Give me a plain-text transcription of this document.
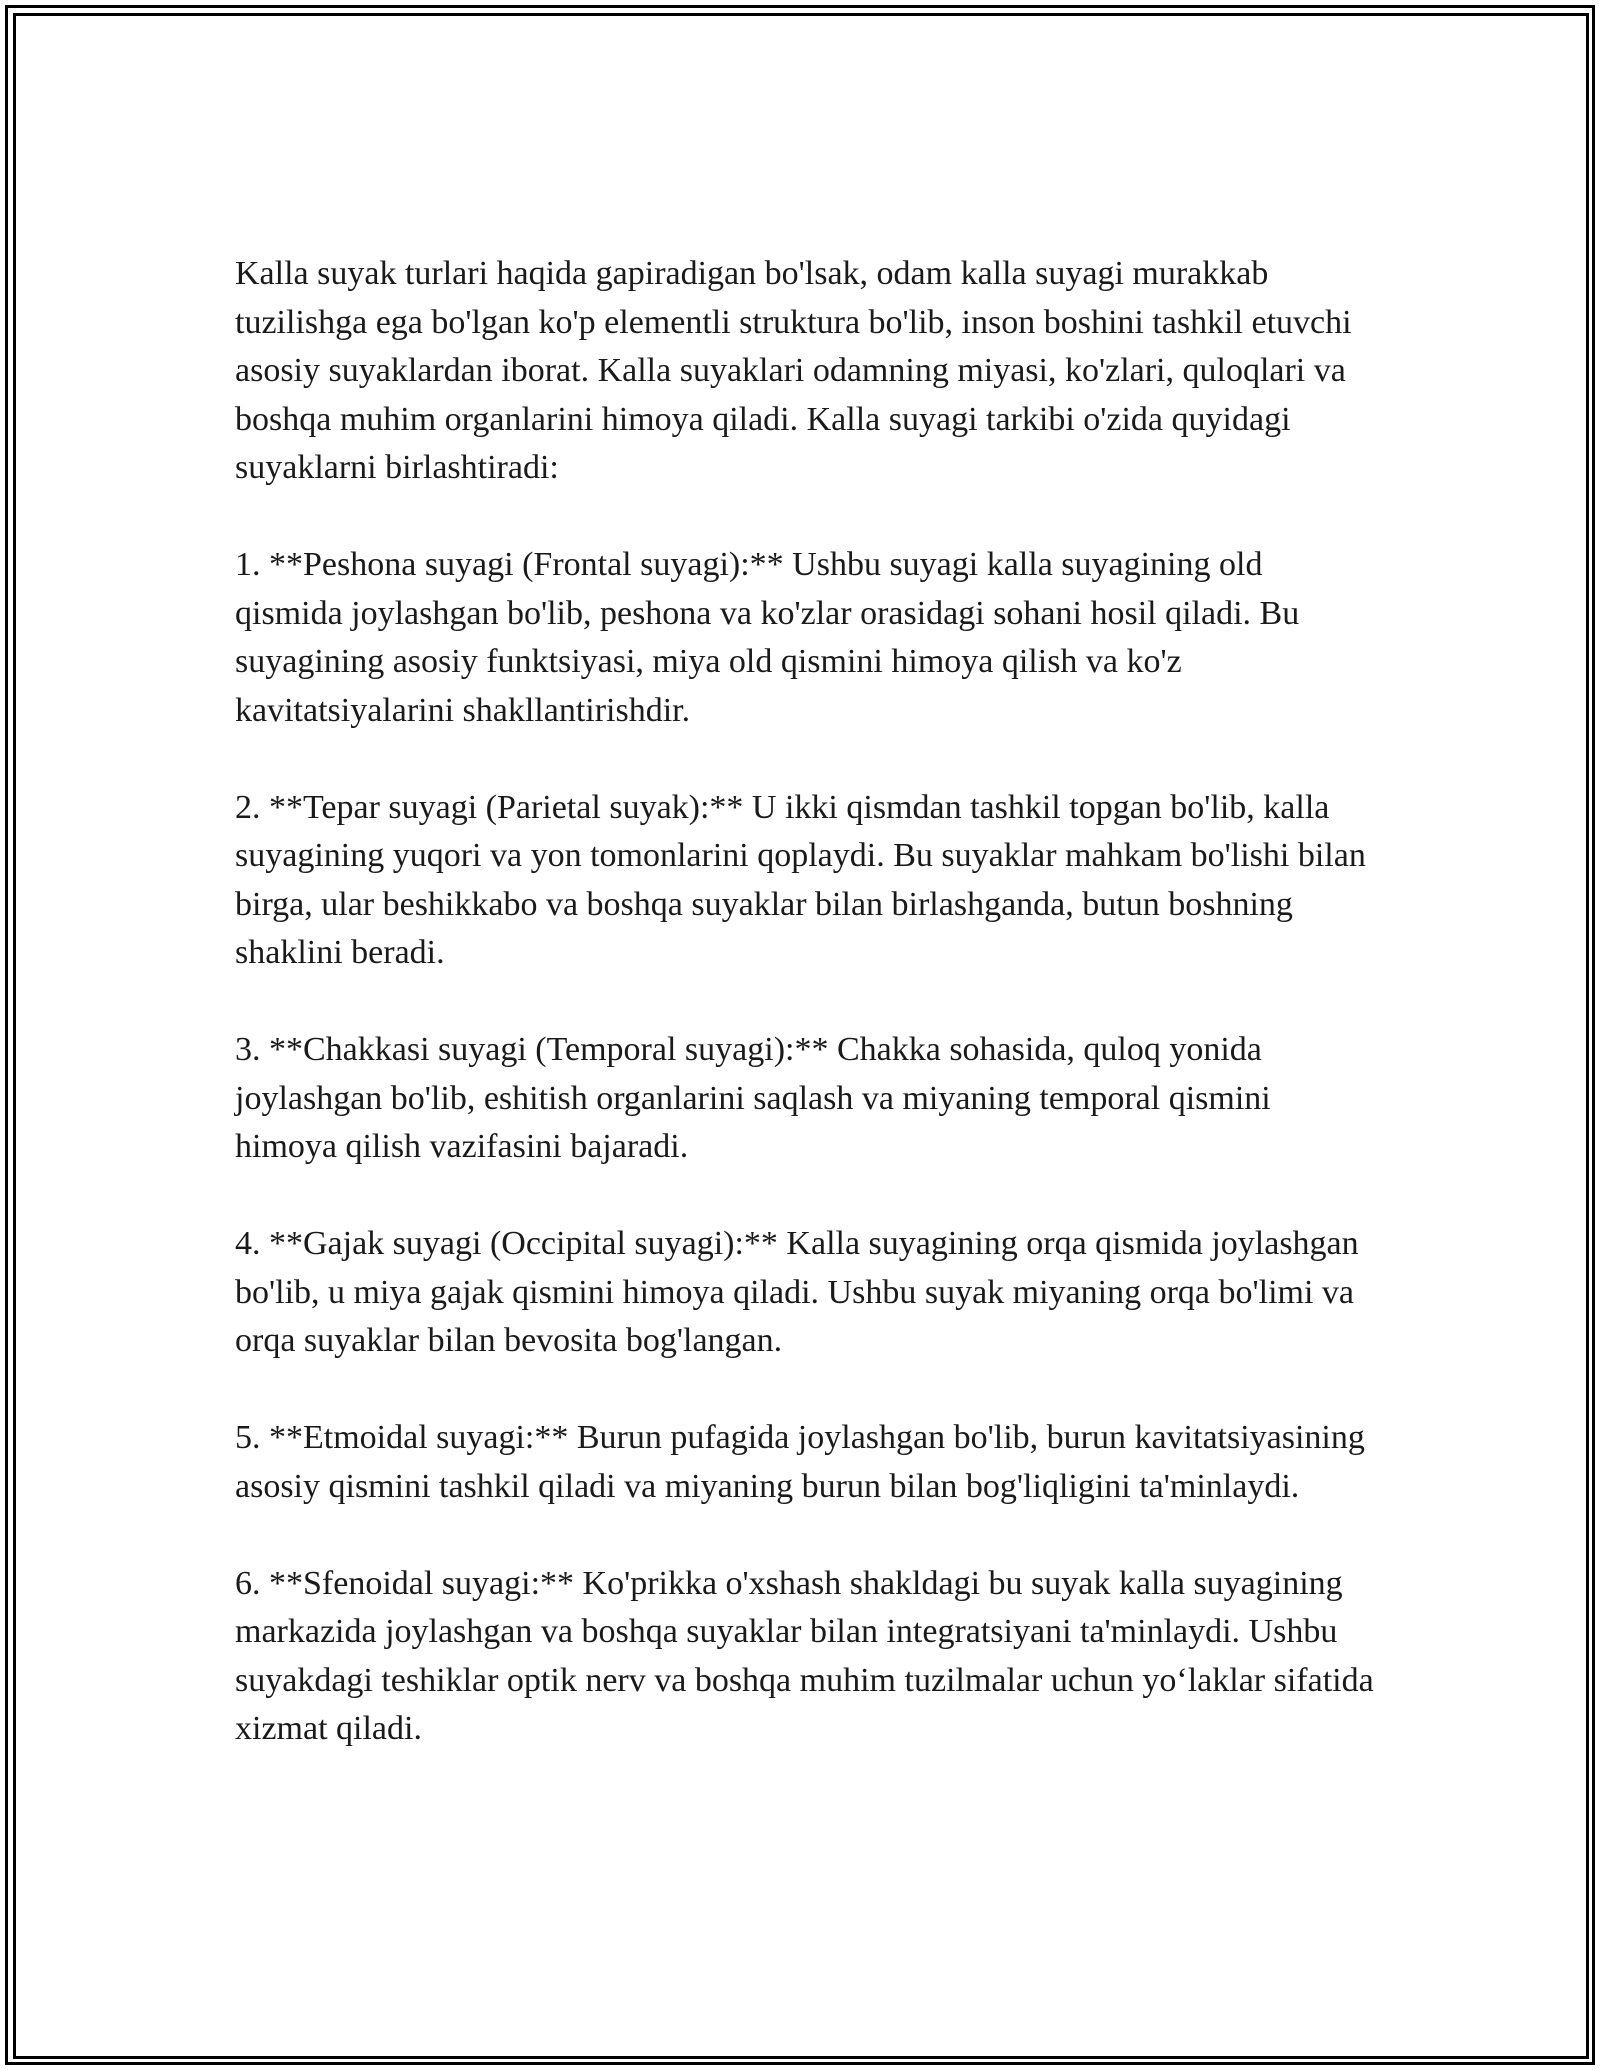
Kalla suyak turlari haqida gapiradigan bo'lsak, odam kalla suyagi murakkab tuzilishga ega bo'lgan ko'p elementli struktura bo'lib, inson boshini tashkil etuvchi asosiy suyaklardan iborat. Kalla suyaklari odamning miyasi, ko'zlari, quloqlari va boshqa muhim organlarini himoya qiladi. Kalla suyagi tarkibi o'zida quyidagi suyaklarni birlashtiradi:

1. **Peshona suyagi (Frontal suyagi):** Ushbu suyagi kalla suyagining old qismida joylashgan bo'lib, peshona va ko'zlar orasidagi sohani hosil qiladi. Bu suyagining asosiy funktsiyasi, miya old qismini himoya qilish va ko'z kavitatsiyalarini shakllantirishdir.

2. **Tepar suyagi (Parietal suyak):** U ikki qismdan tashkil topgan bo'lib, kalla suyagining yuqori va yon tomonlarini qoplaydi. Bu suyaklar mahkam bo'lishi bilan birga, ular beshikkabo va boshqa suyaklar bilan birlashganda, butun boshning shaklini beradi.

3. **Chakkasi suyagi (Temporal suyagi):** Chakka sohasida, quloq yonida joylashgan bo'lib, eshitish organlarini saqlash va miyaning temporal qismini himoya qilish vazifasini bajaradi.

4. **Gajak suyagi (Occipital suyagi):** Kalla suyagining orqa qismida joylashgan bo'lib, u miya gajak qismini himoya qiladi. Ushbu suyak miyaning orqa bo'limi va orqa suyaklar bilan bevosita bog'langan.

5. **Etmoidal suyagi:** Burun pufagida joylashgan bo'lib, burun kavitatsiyasining asosiy qismini tashkil qiladi va miyaning burun bilan bog'liqligini ta'minlaydi.

6. **Sfenoidal suyagi:** Ko'prikka o'xshash shakldagi bu suyak kalla suyagining markazida joylashgan va boshqa suyaklar bilan integratsiyani ta'minlaydi. Ushbu suyakdagi teshiklar optik nerv va boshqa muhim tuzilmalar uchun yo‘laklar sifatida xizmat qiladi.
